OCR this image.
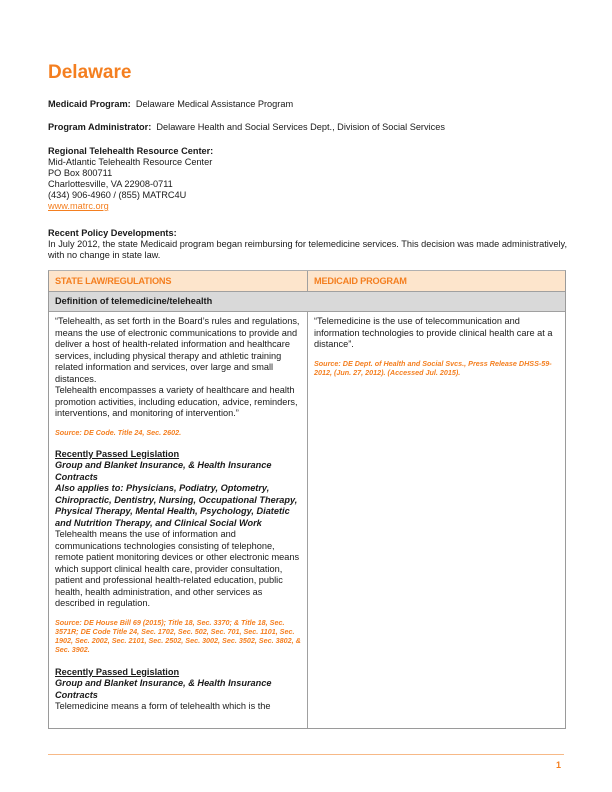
Delaware
Medicaid Program: Delaware Medical Assistance Program
Program Administrator: Delaware Health and Social Services Dept., Division of Social Services
Regional Telehealth Resource Center:
Mid-Atlantic Telehealth Resource Center
PO Box 800711
Charlottesville, VA 22908-0711
(434) 906-4960 / (855) MATRC4U
www.matrc.org
Recent Policy Developments:
In July 2012, the state Medicaid program began reimbursing for telemedicine services. This decision was made administratively, with no change in state law.
STATE LAW/REGULATIONS	MEDICAID PROGRAM
Definition of telemedicine/telehealth

“Telehealth, as set forth in the Board’s rules and regulations, means the use of electronic communications to provide and deliver a host of health-related information and healthcare services, including physical therapy and athletic training related information and services, over large and small distances.

Telehealth encompasses a variety of healthcare and health promotion activities, including education, advice, reminders, interventions, and monitoring of intervention.”

Source: DE Code. Title 24, Sec. 2602.

Recently Passed Legislation

Group and Blanket Insurance, & Health Insurance Contracts

Also applies to: Physicians, Podiatry, Optometry, Chiropractic, Dentistry, Nursing, Occupational Therapy, Physical Therapy, Mental Health, Psychology, Diatetic and Nutrition Therapy, and Clinical Social Work

Telehealth means the use of information and communications technologies consisting of telephone, remote patient monitoring devices or other electronic means which support clinical health care, provider consultation, patient and professional health-related education, public health, health administration, and other services as described in regulation.

Source: DE House Bill 69 (2015); Title 18, Sec. 3370; & Title 18, Sec. 3571R; DE Code Title 24, Sec. 1702, Sec. 502, Sec. 701, Sec. 1101, Sec. 1902, Sec. 2002, Sec. 2101, Sec. 2502, Sec. 3002, Sec. 3502, Sec. 3802, & Sec. 3902.

Recently Passed Legislation

Group and Blanket Insurance, & Health Insurance Contracts

Telemedicine means a form of telehealth which is the

“Telemedicine is the use of telecommunication and information technologies to provide clinical health care at a distance”.

Source: DE Dept. of Health and Social Svcs., Press Release DHSS-59-2012, (Jun. 27, 2012). (Accessed Jul. 2015).

1
